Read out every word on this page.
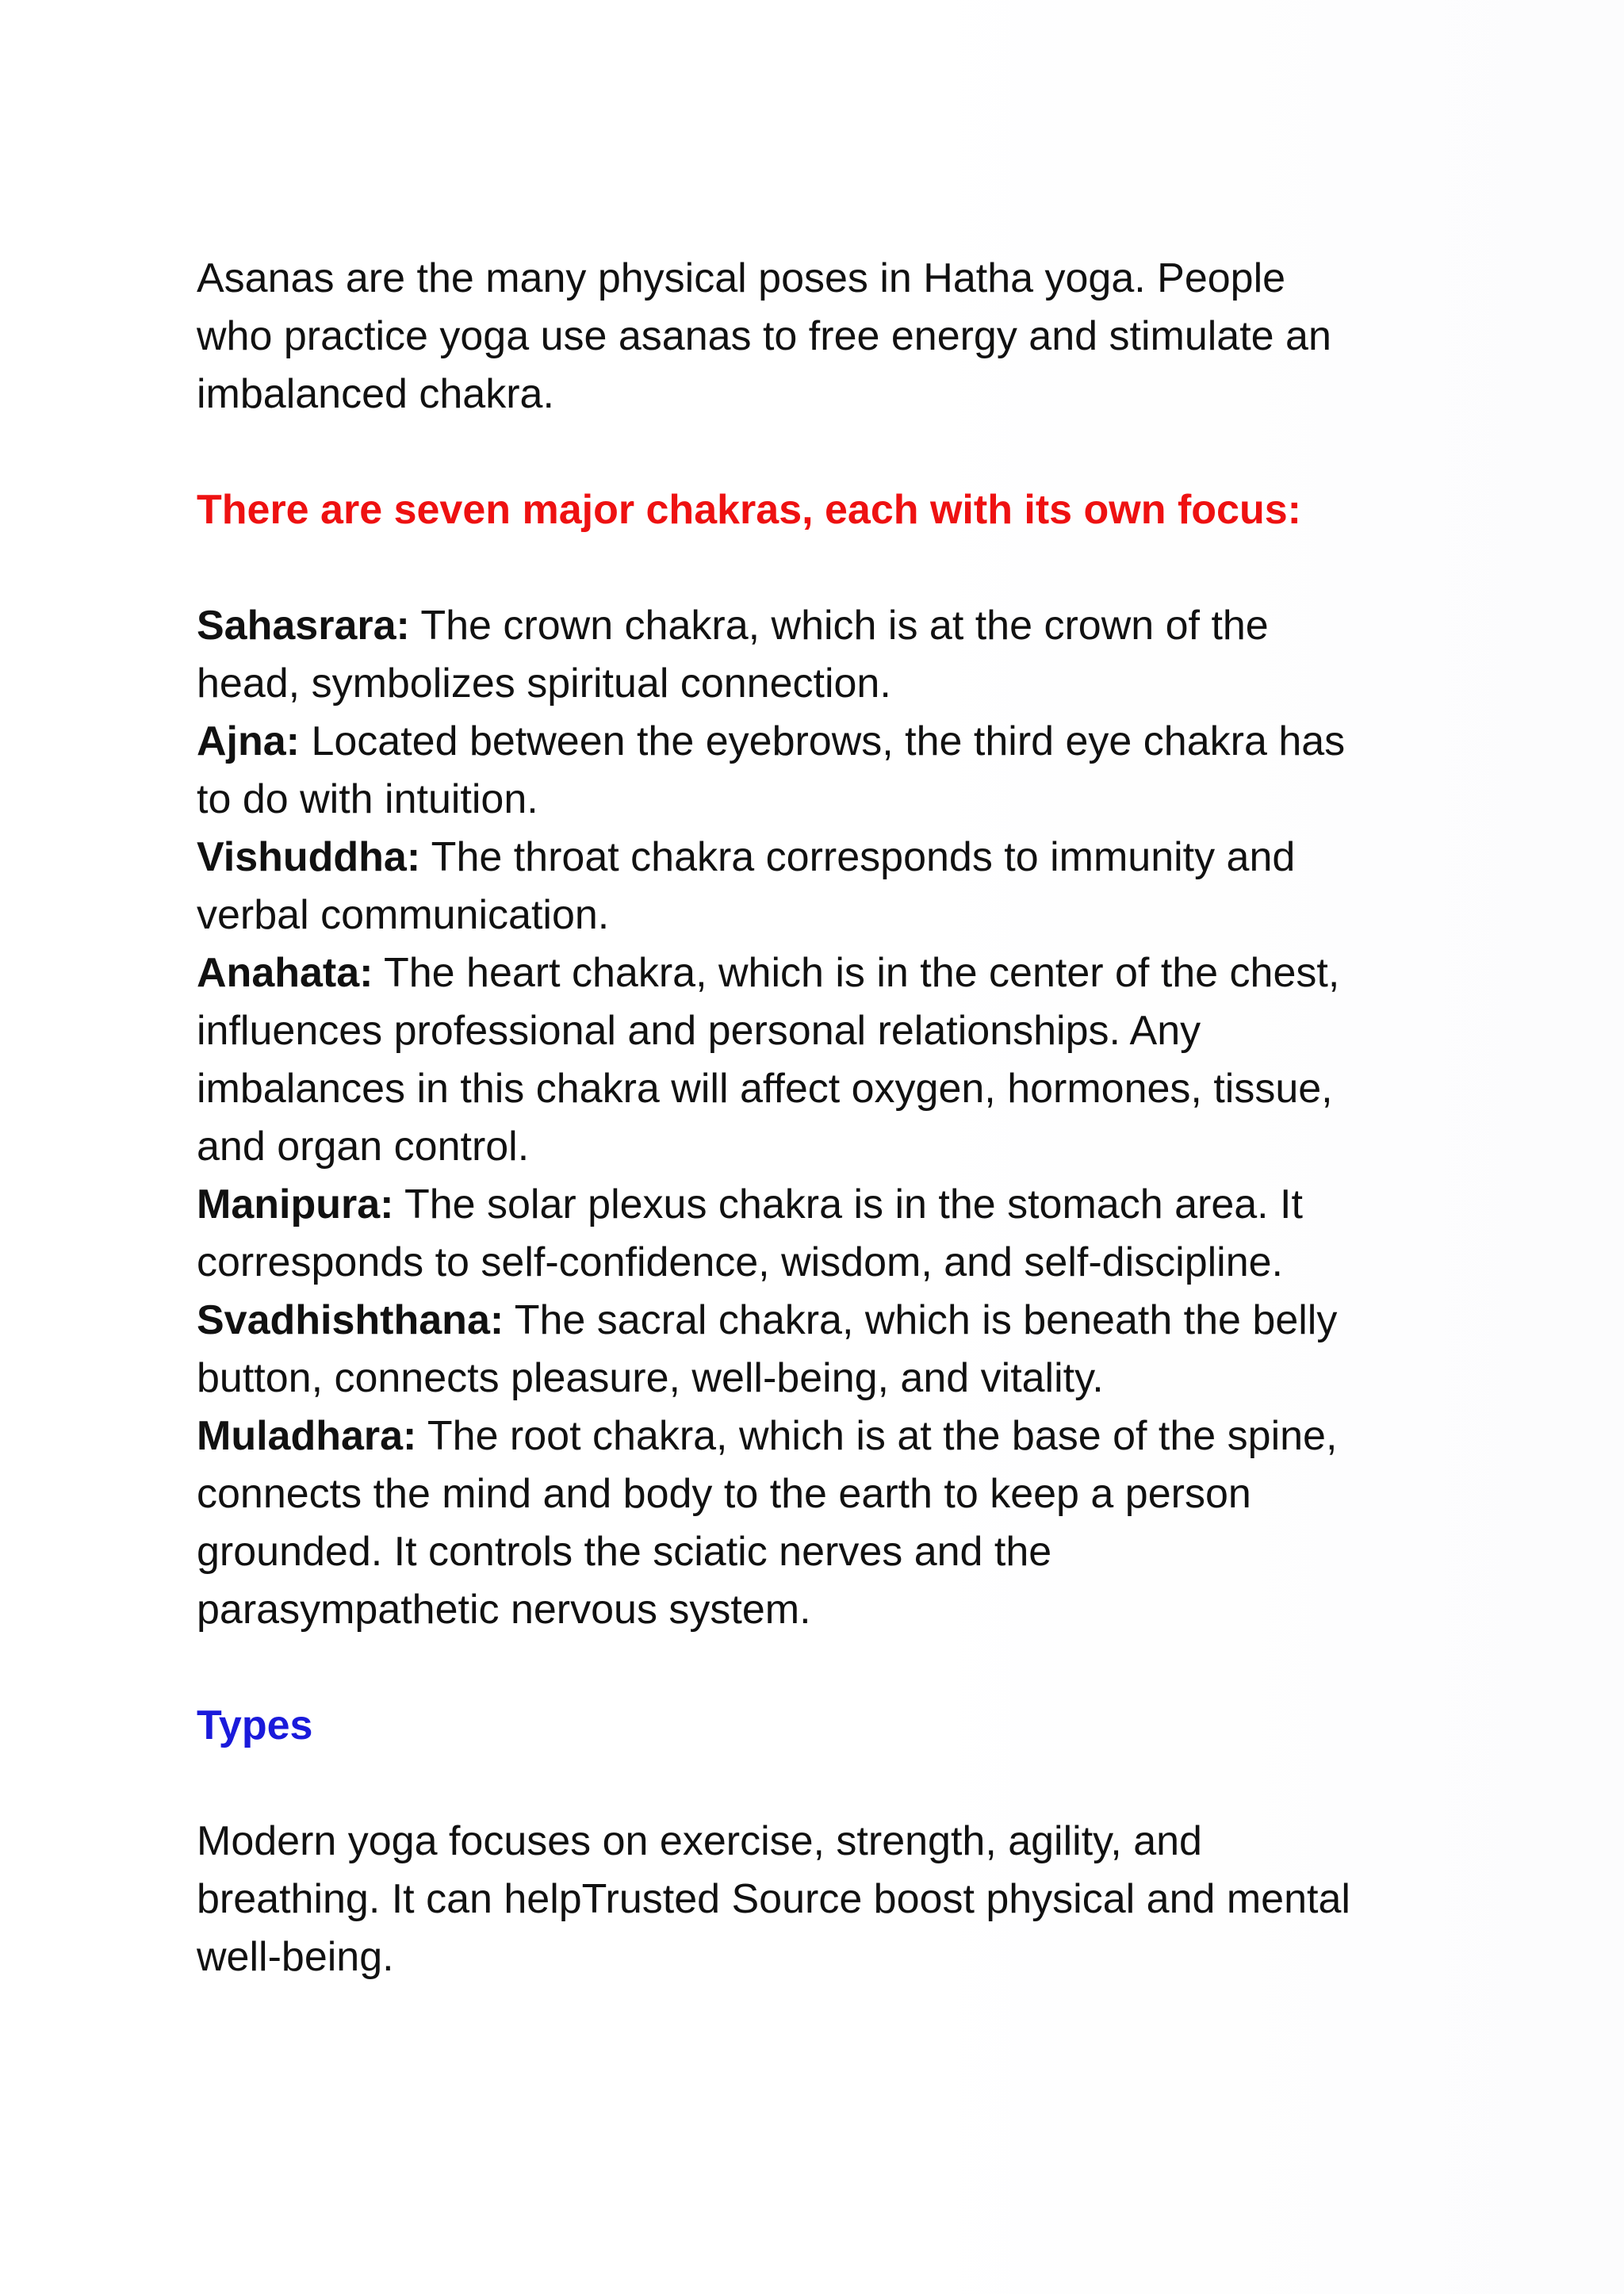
Asanas are the many physical poses in Hatha yoga. People
who practice yoga use asanas to free energy and stimulate an
imbalanced chakra.

There are seven major chakras, each with its own focus:

Sahasrara: The crown chakra, which is at the crown of the
head, symbolizes spiritual connection.

Ajna: Located between the eyebrows, the third eye chakra has
to do with intuition.

Vishuddha: The throat chakra corresponds to immunity and
verbal communication.

Anahata: The heart chakra, which is in the center of the chest,
influences professional and personal relationships. Any
imbalances in this chakra will affect oxygen, hormones, tissue,
and organ control.

Manipura: The solar plexus chakra is in the stomach area. It
corresponds to self-confidence, wisdom, and self-discipline.

Svadhishthana: The sacral chakra, which is beneath the belly
button, connects pleasure, well-being, and vitality.

Muladhara: The root chakra, which is at the base of the spine,
connects the mind and body to the earth to keep a person
grounded. It controls the sciatic nerves and the
parasympathetic nervous system.

Types

Modern yoga focuses on exercise, strength, agility, and
breathing. It can helpTrusted Source boost physical and mental
well-being.
